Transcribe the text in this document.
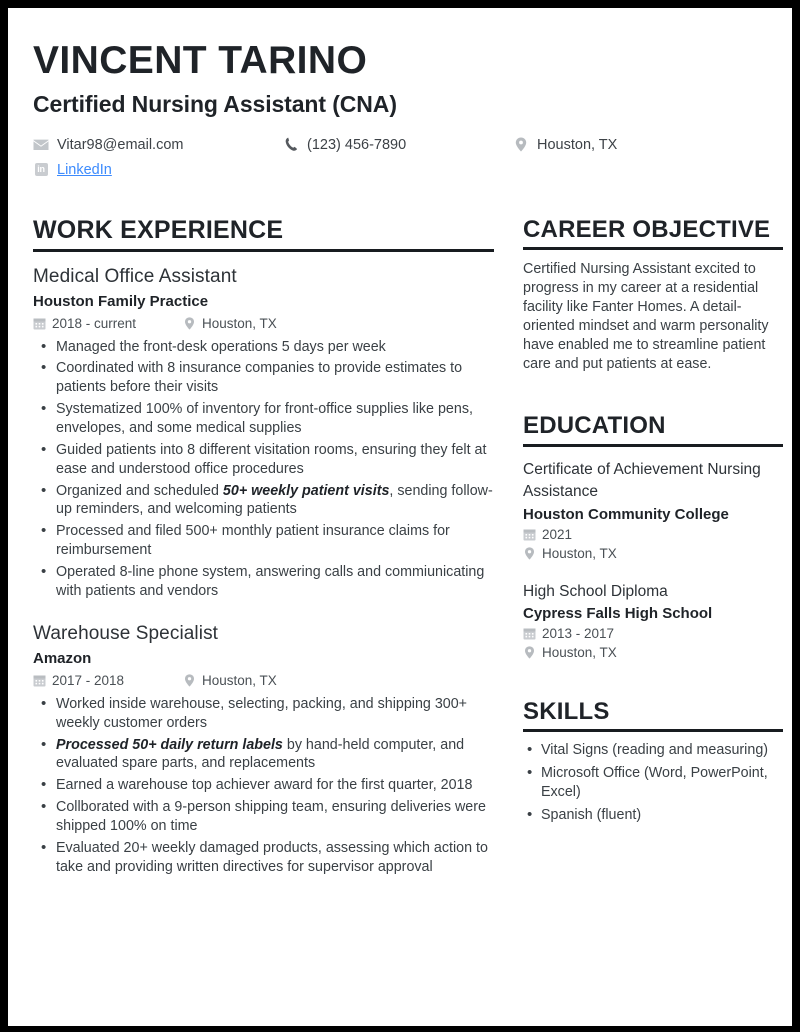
VINCENT TARINO
Certified Nursing Assistant (CNA)
Vitar98@email.com	(123) 456-7890	Houston, TX
in LinkedIn
WORK EXPERIENCE
Medical Office Assistant
Houston Family Practice
2018 - current	Houston, TX
• Managed the front-desk operations 5 days per week
• Coordinated with 8 insurance companies to provide estimates to patients before their visits
• Systematized 100% of inventory for front-office supplies like pens, envelopes, and some medical supplies
• Guided patients into 8 different visitation rooms, ensuring they felt at ease and understood office procedures
• Organized and scheduled 50+ weekly patient visits, sending follow-up reminders, and welcoming patients
• Processed and filed 500+ monthly patient insurance claims for reimbursement
• Operated 8-line phone system, answering calls and commiunicating with patients and vendors
Warehouse Specialist
Amazon
2017 - 2018	Houston, TX
• Worked inside warehouse, selecting, packing, and shipping 300+ weekly customer orders
• Processed 50+ daily return labels by hand-held computer, and evaluated spare parts, and replacements
• Earned a warehouse top achiever award for the first quarter, 2018
• Collborated with a 9-person shipping team, ensuring deliveries were shipped 100% on time
• Evaluated 20+ weekly damaged products, assessing which action to take and providing written directives for supervisor approval
CAREER OBJECTIVE
Certified Nursing Assistant excited to progress in my career at a residential facility like Fanter Homes. A detail-oriented mindset and warm personality have enabled me to streamline patient care and put patients at ease.
EDUCATION
Certificate of Achievement Nursing Assistance
Houston Community College
2021
Houston, TX
High School Diploma
Cypress Falls High School
2013 - 2017
Houston, TX
SKILLS
• Vital Signs (reading and measuring)
• Microsoft Office (Word, PowerPoint, Excel)
• Spanish (fluent)
